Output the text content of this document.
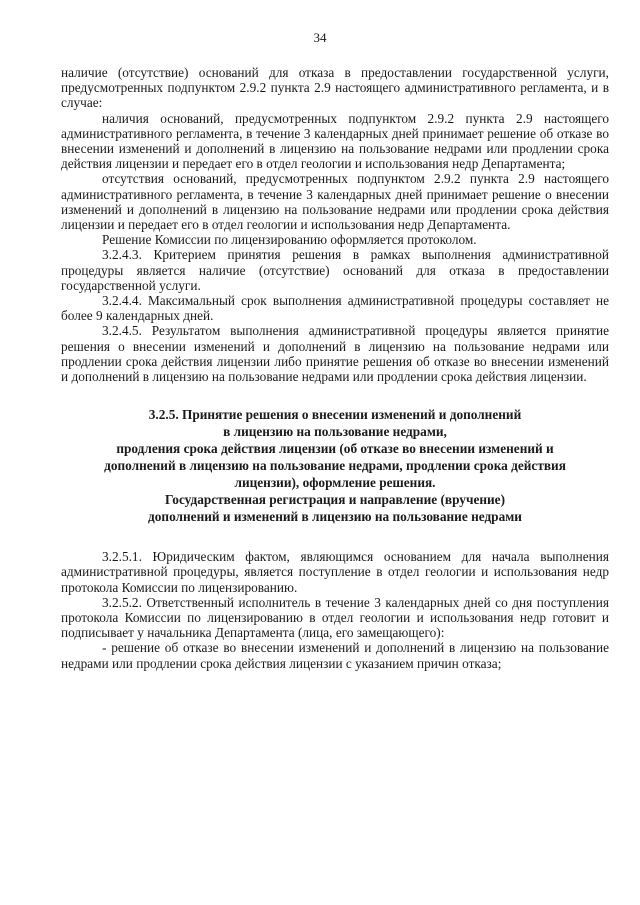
34

наличие (отсутствие) оснований для отказа в предоставлении государственной услуги, предусмотренных подпунктом 2.9.2 пункта 2.9 настоящего административного регламента, и в случае:

наличия оснований, предусмотренных подпунктом 2.9.2 пункта 2.9 настоящего административного регламента, в течение 3 календарных дней принимает решение об отказе во внесении изменений и дополнений в лицензию на пользование недрами или продлении срока действия лицензии и передает его в отдел геологии и использования недр Департамента;

отсутствия оснований, предусмотренных подпунктом 2.9.2 пункта 2.9 настоящего административного регламента, в течение 3 календарных дней принимает решение о внесении изменений и дополнений в лицензию на пользование недрами или продлении срока действия лицензии и передает его в отдел геологии и использования недр Департамента.

Решение Комиссии по лицензированию оформляется протоколом.

3.2.4.3. Критерием принятия решения в рамках выполнения административной процедуры является наличие (отсутствие) оснований для отказа в предоставлении государственной услуги.

3.2.4.4. Максимальный срок выполнения административной процедуры составляет не более 9 календарных дней.

3.2.4.5. Результатом выполнения административной процедуры является принятие решения о внесении изменений и дополнений в лицензию на пользование недрами или продлении срока действия лицензии либо принятие решения об отказе во внесении изменений и дополнений в лицензию на пользование недрами или продлении срока действия лицензии.

3.2.5. Принятие решения о внесении изменений и дополнений

в лицензию на пользование недрами,

продления срока действия лицензии (об отказе во внесении изменений и

дополнений в лицензию на пользование недрами, продлении срока действия

лицензии), оформление решения.

Государственная регистрация и направление (вручение)

дополнений и изменений в лицензию на пользование недрами

3.2.5.1. Юридическим фактом, являющимся основанием для начала выполнения административной процедуры, является поступление в отдел геологии и использования недр протокола Комиссии по лицензированию.

3.2.5.2. Ответственный исполнитель в течение 3 календарных дней со дня поступления протокола Комиссии по лицензированию в отдел геологии и использования недр готовит и подписывает у начальника Департамента (лица, его замещающего):

- решение об отказе во внесении изменений и дополнений в лицензию на пользование недрами или продлении срока действия лицензии с указанием причин отказа;
